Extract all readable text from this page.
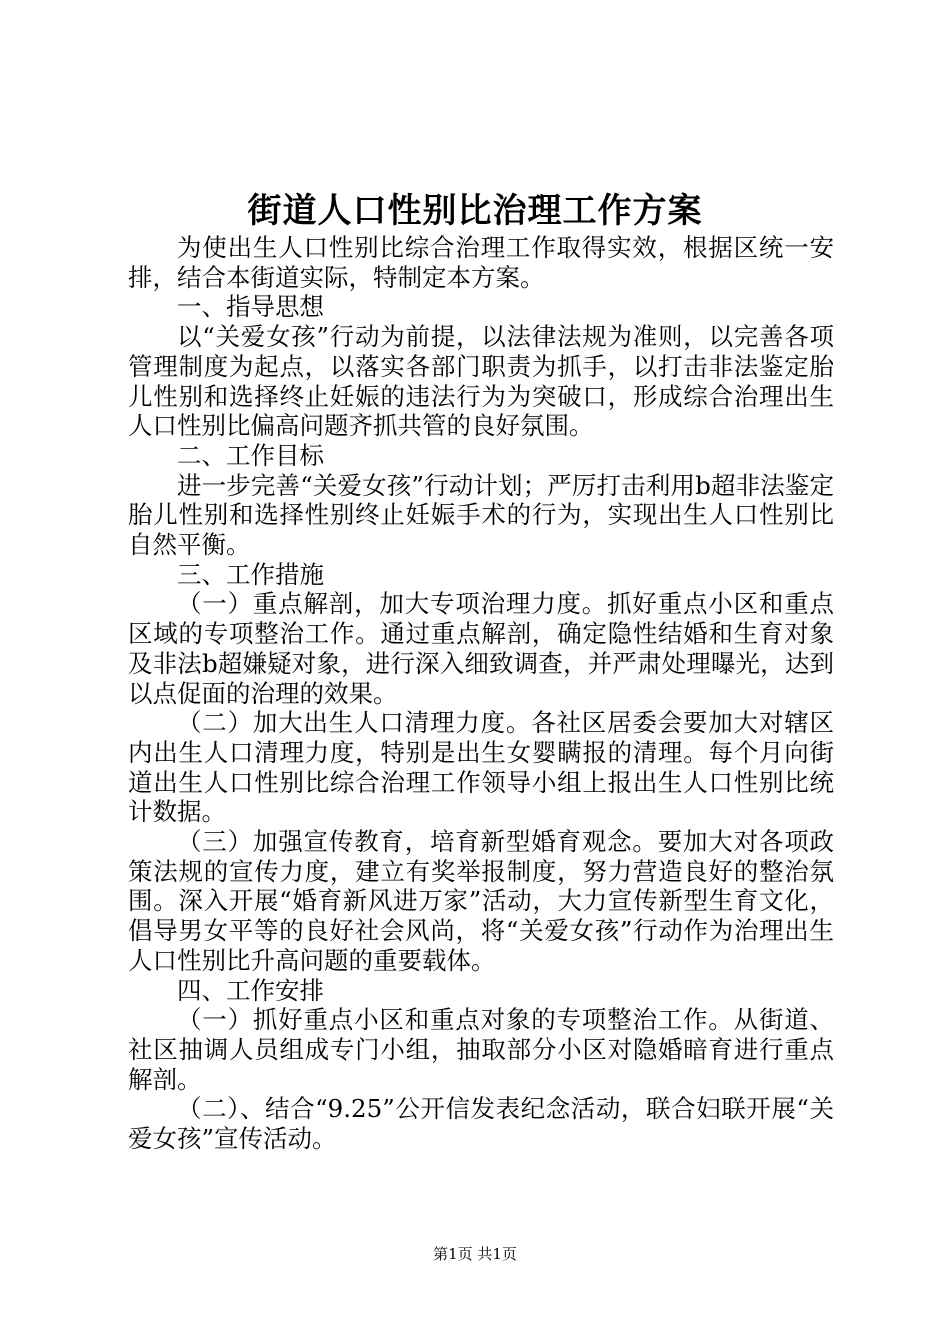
街道人口性别比治理工作方案

为使出生人口性别比综合治理工作取得实效，根据区统一安排，结合本街道实际，特制定本方案。

一、指导思想

以“关爱女孩”行动为前提，以法律法规为准则，以完善各项管理制度为起点，以落实各部门职责为抓手，以打击非法鉴定胎儿性别和选择终止妊娠的违法行为为突破口，形成综合治理出生人口性别比偏高问题齐抓共管的良好氛围。

二、工作目标

进一步完善“关爱女孩”行动计划；严厉打击利用b超非法鉴定胎儿性别和选择性别终止妊娠手术的行为，实现出生人口性别比自然平衡。

三、工作措施

（一）重点解剖，加大专项治理力度。抓好重点小区和重点区域的专项整治工作。通过重点解剖，确定隐性结婚和生育对象及非法b超嫌疑对象，进行深入细致调查，并严肃处理曝光，达到以点促面的治理的效果。

（二）加大出生人口清理力度。各社区居委会要加大对辖区内出生人口清理力度，特别是出生女婴瞒报的清理。每个月向街道出生人口性别比综合治理工作领导小组上报出生人口性别比统计数据。

（三）加强宣传教育，培育新型婚育观念。要加大对各项政策法规的宣传力度，建立有奖举报制度，努力营造良好的整治氛围。深入开展“婚育新风进万家”活动，大力宣传新型生育文化，倡导男女平等的良好社会风尚，将“关爱女孩”行动作为治理出生人口性别比升高问题的重要载体。

四、工作安排

（一）抓好重点小区和重点对象的专项整治工作。从街道、社区抽调人员组成专门小组，抽取部分小区对隐婚暗育进行重点解剖。

（二）、结合“9.25”公开信发表纪念活动，联合妇联开展“关爱女孩”宣传活动。

第1页 共1页
